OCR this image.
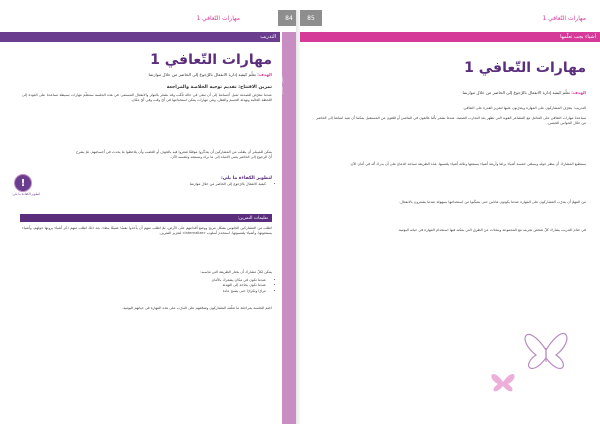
مهارات التّعافي 1	84
التدريب
الجزء العام
مهارات التّعافي 1
الهدف: تعلّم كيفية إدارة الانفعال بالرّجوع إلى الحاضر من خلال موازنتنا
تمرين الافتتاح: تقديم توجيه الخلاصة والمراجعة
عندما نتعرّض للصدمة تميل أجسامنا إلى أن تبقى في حالة تأهّب وقد نشعر بالتوتّر والانفعال المستمر. في هذه الجلسة سنتعلّم مهارات بسيطة تساعدنا على العودة إلى اللحظة الحالية وتهدئة الجسم والعقل، وهي مهارات يمكن استخدامها في أيّ وقت وفي أيّ مكان.
يمكن للميسّر أن يطلب من المشاركين أن يتذكّروا موقفًا شعروا فيه بالخوف أو الغضب وأن يلاحظوا ما يحدث في أجسامهم. ثمّ يشرح أنّ الرجوع إلى الحاضر يعني الانتباه إلى ما نراه ونسمعه ونلمسه الآن.
!
لتطوير الكفاءة ما يلي:
لتطوير الكفاءة ما يلي:
• كيفية الانفعال بالرّجوع إلى الحاضر من خلال موازنتنا
تعليمات التمرين:
اطلب من المشاركين الجلوس بشكل مريح ووضع أقدامهم على الأرض، ثمّ اطلب منهم أن يأخذوا نفسًا عميقًا ببطء. بعد ذلك اطلب منهم ذكر أشياء يرونها حولهم، وأشياء يسمعونها، وأشياء يلمسونها. استخدم أسلوب «Internalize» لتعزيز التمرين.
يمكن لكلّ مشارك أن يختار الطريقة التي تناسبه:
• عندما تكون في مكان يشعرك بالأمان
• عندما تكون بحاجة إلى التهدئة
• مرارًا وتكرارًا حتى يصبح عادة
اختم الجلسة بمراجعة ما تعلّمه المشاركون وشجّعهم على التدرّب على هذه المهارة في حياتهم اليومية.
85	مهارات التّعافي 1
أشياء يجب تعلّمها
مهارات التّعافي 1
الهدف: تعلّم كيفية إدارة الانفعال بالرّجوع إلى الحاضر من خلال موازنتنا
التدريب: يتعرّف المشاركون على المهارة ويتدرّبون عليها لتعزيز القدرة على التعافي.
تساعدنا مهارات التعافي على التعامل مع المشاعر القوية التي تظهر بعد التجارب الصعبة. عندما نشعر بأنّنا عالقون في الماضي أو قلقون من المستقبل يمكننا أن نعيد انتباهنا إلى الحاضر من خلال الحواس الخمس.
يستطيع المشارك أن ينظر حوله ويسمّي خمسة أشياء يراها وأربعة أشياء يسمعها وثلاثة أشياء يلمسها. هذه الطريقة تساعد الدماغ على أن يدرك أنّه في أمان الآن.
من المهمّ أن يتدرّب المشاركون على المهارة عندما يكونون هادئين حتى يتمكّنوا من استخدامها بسهولة عندما يشعرون بالانفعال.
في ختام التدريب يشارك كلّ شخص تجربته مع المجموعة ويتحدّث عن الطرق التي يمكنه فيها استخدام المهارة في حياته اليومية.
